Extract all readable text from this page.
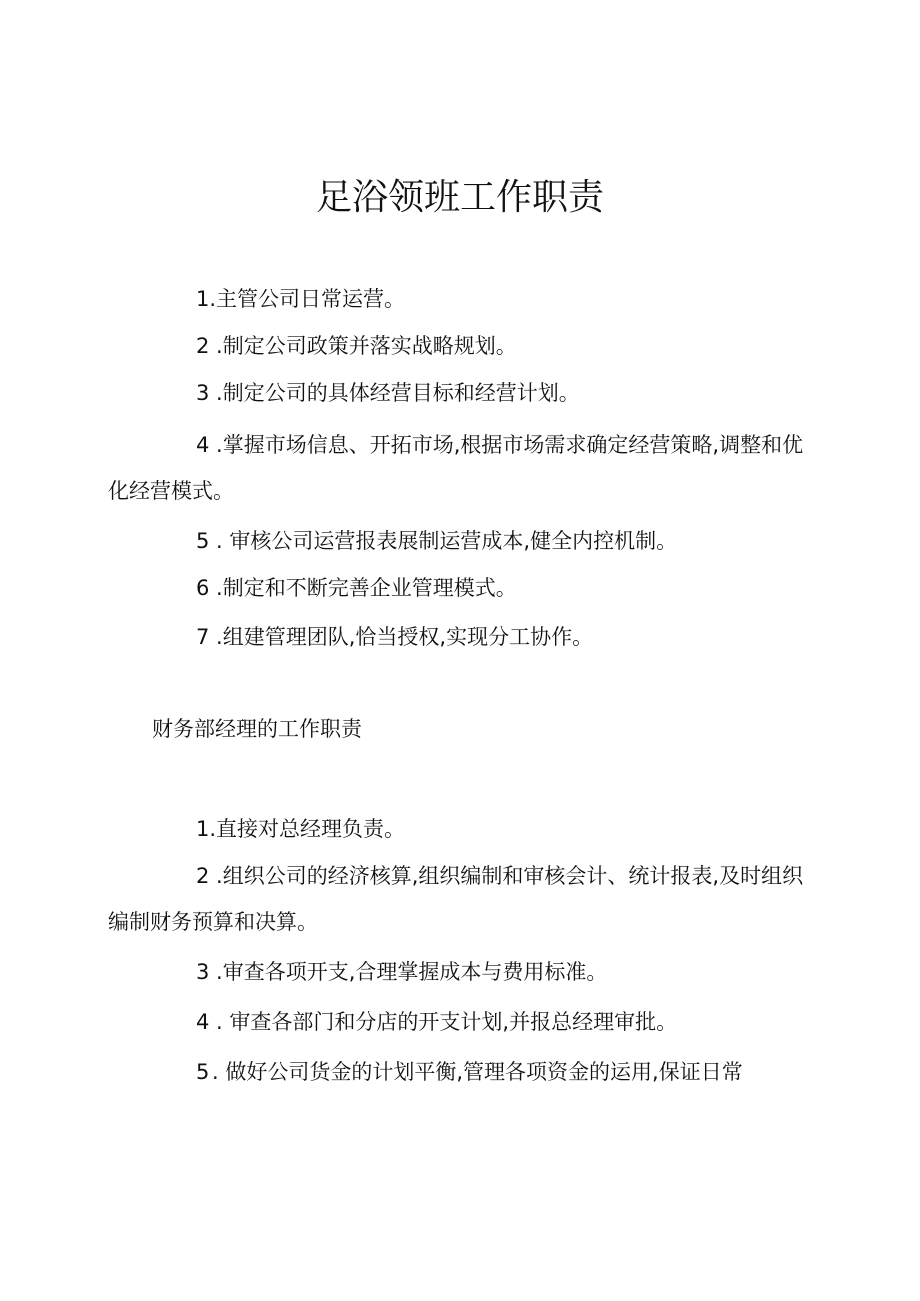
足浴领班工作职责

1.主管公司日常运营。

2 .制定公司政策并落实战略规划。

3 .制定公司的具体经营目标和经营计划。

4 .掌握市场信息、开拓市场,根据市场需求确定经营策略,调整和优化经营模式。

5 . 审核公司运营报表展制运营成本,健全内控机制。

6 .制定和不断完善企业管理模式。

7 .组建管理团队,恰当授权,实现分工协作。

财务部经理的工作职责

1.直接对总经理负责。

2 .组织公司的经济核算,组织编制和审核会计、统计报表,及时组织编制财务预算和决算。

3 .审查各项开支,合理掌握成本与费用标准。

4 . 审查各部门和分店的开支计划,并报总经理审批。

5 . 做好公司货金的计划平衡,管理各项资金的运用,保证日常
